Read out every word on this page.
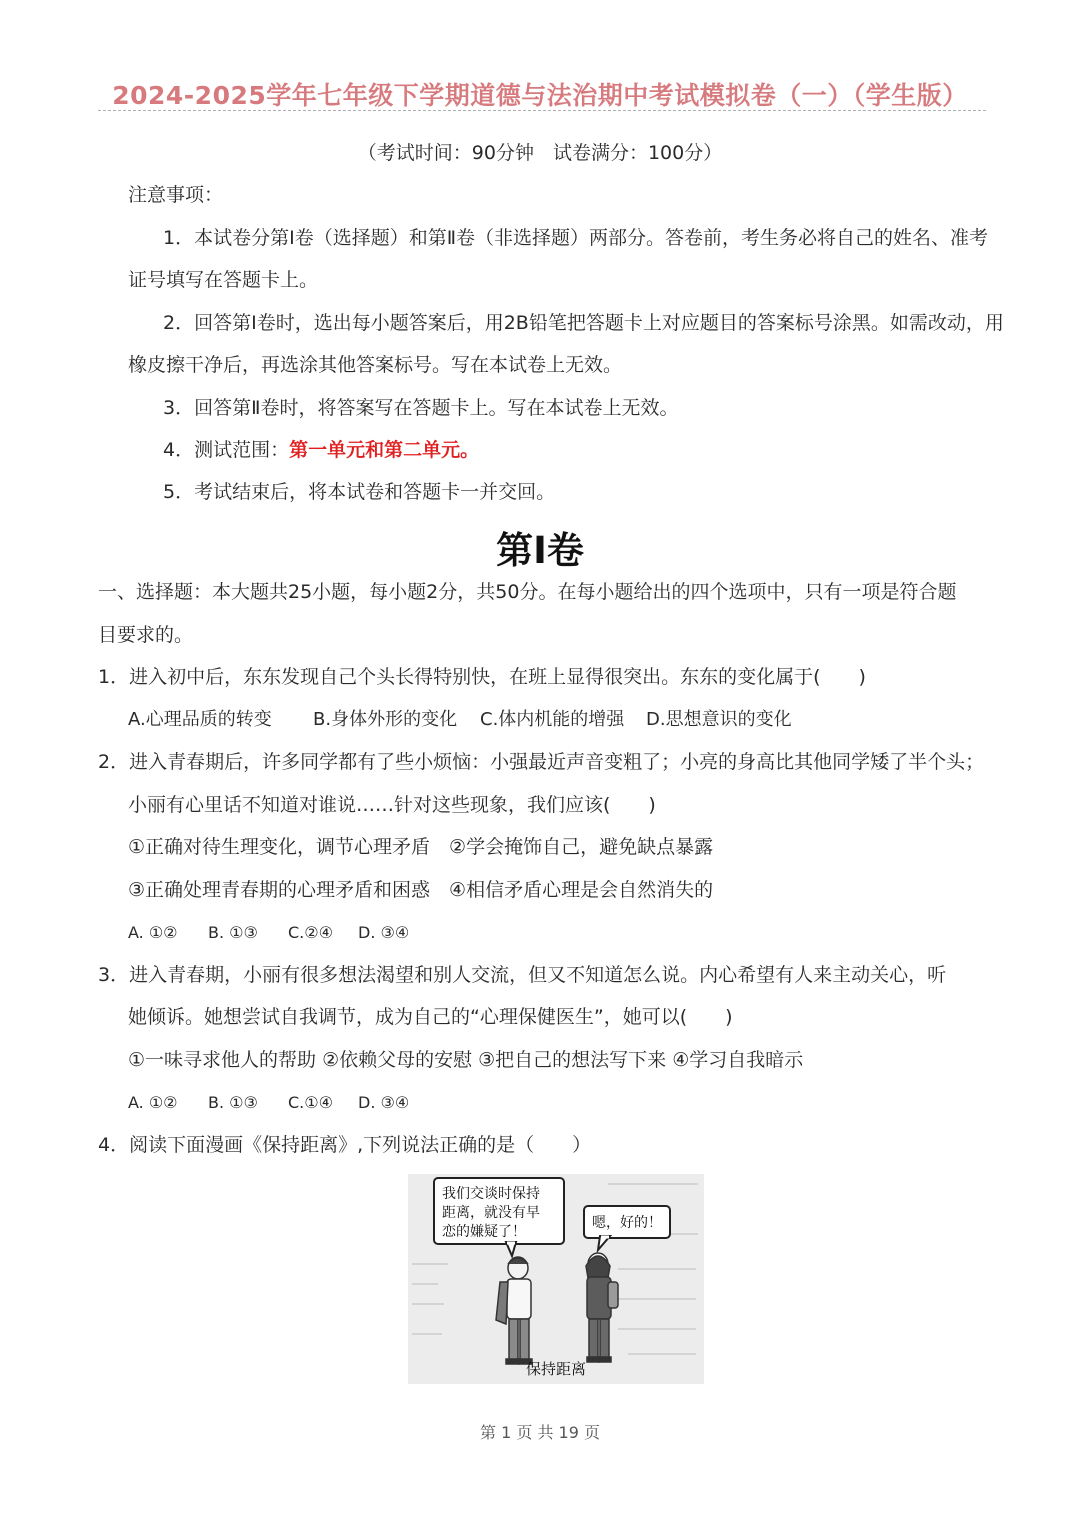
2024-2025学年七年级下学期道德与法治期中考试模拟卷（一）（学生版）
（考试时间：90分钟　试卷满分：100分）
注意事项：
1．本试卷分第Ⅰ卷（选择题）和第Ⅱ卷（非选择题）两部分。答卷前，考生务必将自己的姓名、准考
证号填写在答题卡上。
2．回答第Ⅰ卷时，选出每小题答案后，用2B铅笔把答题卡上对应题目的答案标号涂黑。如需改动，用
橡皮擦干净后，再选涂其他答案标号。写在本试卷上无效。
3．回答第Ⅱ卷时，将答案写在答题卡上。写在本试卷上无效。
4．测试范围：第一单元和第二单元。
5．考试结束后，将本试卷和答题卡一并交回。
第Ⅰ卷
一、选择题：本大题共25小题，每小题2分，共50分。在每小题给出的四个选项中，只有一项是符合题
目要求的。
1．进入初中后，东东发现自己个头长得特别快，在班上显得很突出。东东的变化属于(　　)
A.心理品质的转变 B.身体外形的变化 C.体内机能的增强 D.思想意识的变化
2．进入青春期后，许多同学都有了些小烦恼：小强最近声音变粗了；小亮的身高比其他同学矮了半个头；
小丽有心里话不知道对谁说……针对这些现象，我们应该(　　)
①正确对待生理变化，调节心理矛盾　②学会掩饰自己，避免缺点暴露
③正确处理青春期的心理矛盾和困惑　④相信矛盾心理是会自然消失的
A. ①② B. ①③ C.②④ D. ③④
3．进入青春期，小丽有很多想法渴望和别人交流，但又不知道怎么说。内心希望有人来主动关心，听
她倾诉。她想尝试自我调节，成为自己的“心理保健医生”，她可以(　　)
①一味寻求他人的帮助 ②依赖父母的安慰 ③把自己的想法写下来 ④学习自我暗示
A. ①② B. ①③ C.①④ D. ③④
4．阅读下面漫画《保持距离》,下列说法正确的是（　　）
我们交谈时保持
距离，就没有早
恋的嫌疑了！
嗯，好的！
保持距离
第 1 页 共 19 页
